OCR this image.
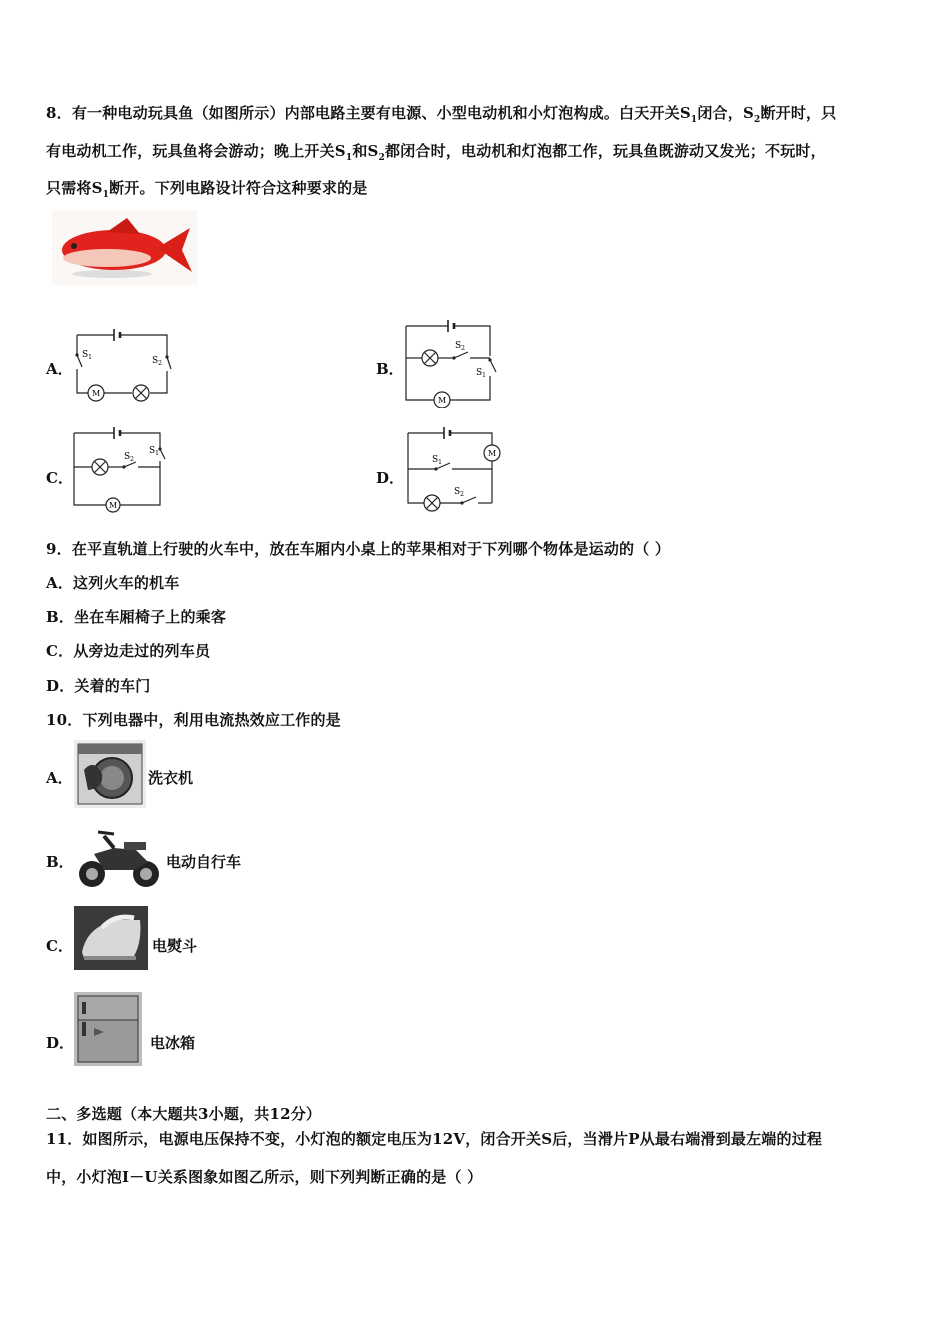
8．有一种电动玩具鱼（如图所示）内部电路主要有电源、小型电动机和小灯泡构成。白天开关$S_1$闭合，$S_2$断开时，只
有电动机工作，玩具鱼将会游动；晚上开关$S_1$和$S_2$都闭合时，电动机和灯泡都工作，玩具鱼既游动又发光；不玩时，
只需将$S_1$断开。下列电路设计符合这种要求的是
A．
$S_1$	$S_2$
M
B．
$S_2$
$S_1$
M
C．
$S_2$
$S_1$
M
D．
$S_1$
$S_2$
M
9．在平直轨道上行驶的火车中，放在车厢内小桌上的苹果相对于下列哪个物体是运动的（ ）
A．这列火车的机车
B．坐在车厢椅子上的乘客
C．从旁边走过的列车员
D．关着的车门
10．下列电器中，利用电流热效应工作的是
A．	洗衣机
B．	电动自行车
C．	电熨斗
D．	电冰箱
二、多选题（本大题共3小题，共12分）
11．如图所示，电源电压保持不变，小灯泡的额定电压为12V，闭合开关S后，当滑片P从最右端滑到最左端的过程
中，小灯泡I－U关系图象如图乙所示，则下列判断正确的是（ ）
